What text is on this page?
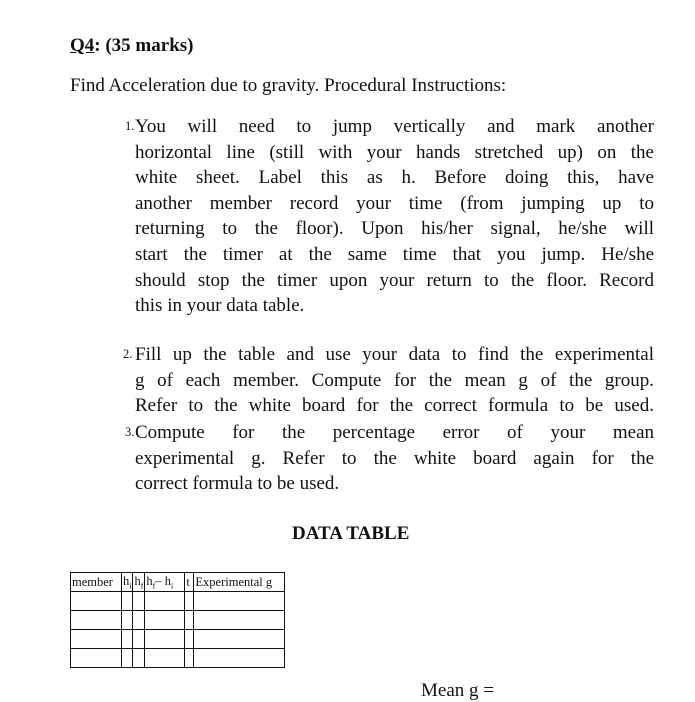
Q4: (35 marks)
Find Acceleration due to gravity. Procedural Instructions:
1. You will need to jump vertically and mark another
horizontal line (still with your hands stretched up) on the
white sheet. Label this as h. Before doing this, have
another member record your time (from jumping up to
returning to the floor). Upon his/her signal, he/she will
start the timer at the same time that you jump. He/she
should stop the timer upon your return to the floor. Record
this in your data table.
2. Fill up the table and use your data to find the experimental
g of each member. Compute for the mean g of the group.
Refer to the white board for the correct formula to be used.
3. Compute for the percentage error of your mean
experimental g. Refer to the white board again for the
correct formula to be used.
DATA TABLE
member	$h_i$	$h_f$	$h_f-$ $h_i$	t	Experimental g

Mean g =
